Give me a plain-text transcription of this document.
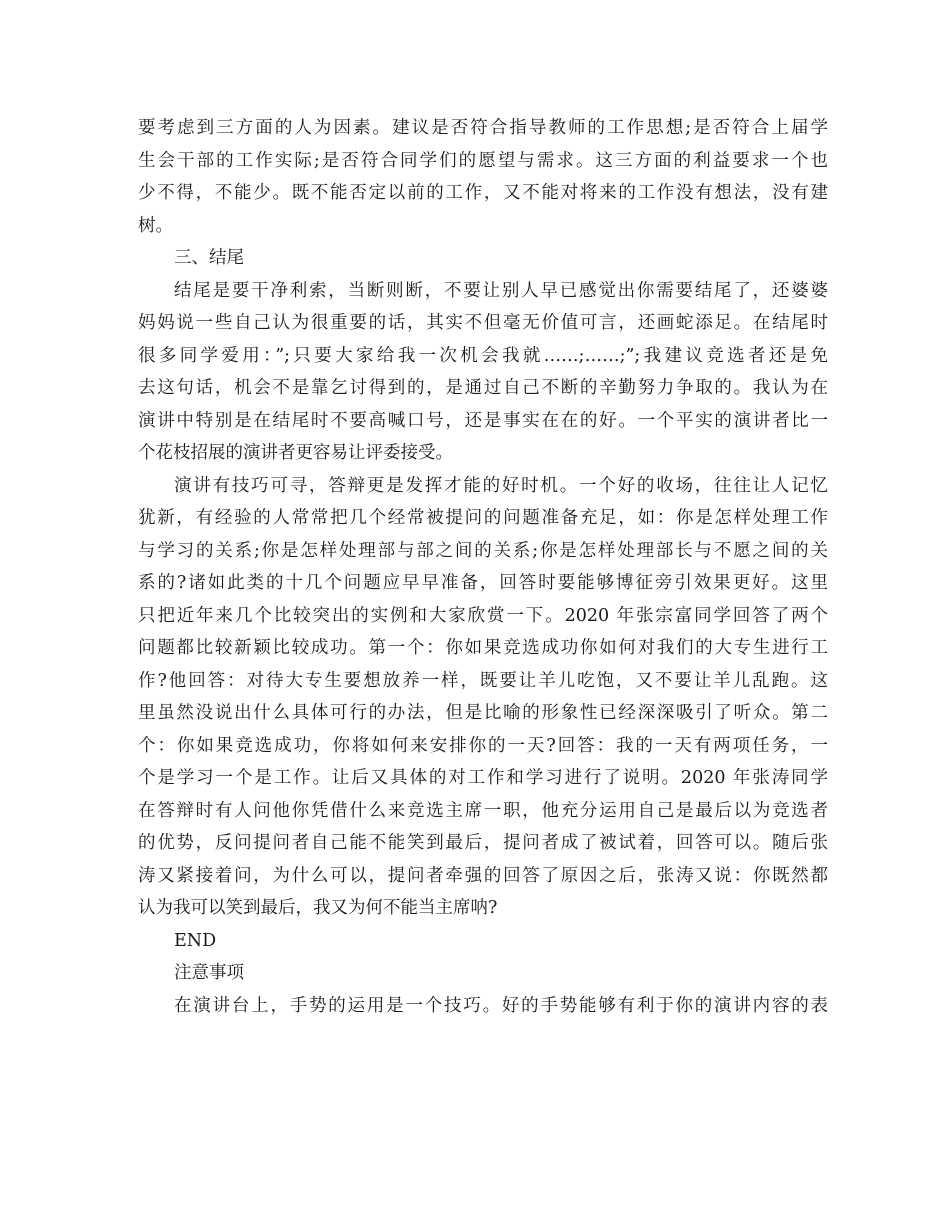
要考虑到三方面的人为因素。建议是否符合指导教师的工作思想;是否符合上届学
生会干部的工作实际;是否符合同学们的愿望与需求。这三方面的利益要求一个也
少不得，不能少。既不能否定以前的工作，又不能对将来的工作没有想法，没有建
树。
三、结尾
结尾是要干净利索，当断则断，不要让别人早已感觉出你需要结尾了，还婆婆
妈妈说一些自己认为很重要的话，其实不但毫无价值可言，还画蛇添足。在结尾时
很多同学爱用：”;只要大家给我一次机会我就……;……;”;我建议竞选者还是免
去这句话，机会不是靠乞讨得到的，是通过自己不断的辛勤努力争取的。我认为在
演讲中特别是在结尾时不要高喊口号，还是事实在在的好。一个平实的演讲者比一
个花枝招展的演讲者更容易让评委接受。
演讲有技巧可寻，答辩更是发挥才能的好时机。一个好的收场，往往让人记忆
犹新，有经验的人常常把几个经常被提问的问题准备充足，如：你是怎样处理工作
与学习的关系;你是怎样处理部与部之间的关系;你是怎样处理部长与不愿之间的关
系的?诸如此类的十几个问题应早早准备，回答时要能够博征旁引效果更好。这里
只把近年来几个比较突出的实例和大家欣赏一下。2020 年张宗富同学回答了两个
问题都比较新颖比较成功。第一个：你如果竞选成功你如何对我们的大专生进行工
作?他回答：对待大专生要想放养一样，既要让羊儿吃饱，又不要让羊儿乱跑。这
里虽然没说出什么具体可行的办法，但是比喻的形象性已经深深吸引了听众。第二
个：你如果竞选成功，你将如何来安排你的一天?回答：我的一天有两项任务，一
个是学习一个是工作。让后又具体的对工作和学习进行了说明。2020 年张涛同学
在答辩时有人问他你凭借什么来竞选主席一职，他充分运用自己是最后以为竞选者
的优势，反问提问者自己能不能笑到最后，提问者成了被试着，回答可以。随后张
涛又紧接着问，为什么可以，提问者牵强的回答了原因之后，张涛又说：你既然都
认为我可以笑到最后，我又为何不能当主席呐?
END
注意事项
在演讲台上，手势的运用是一个技巧。好的手势能够有利于你的演讲内容的表
